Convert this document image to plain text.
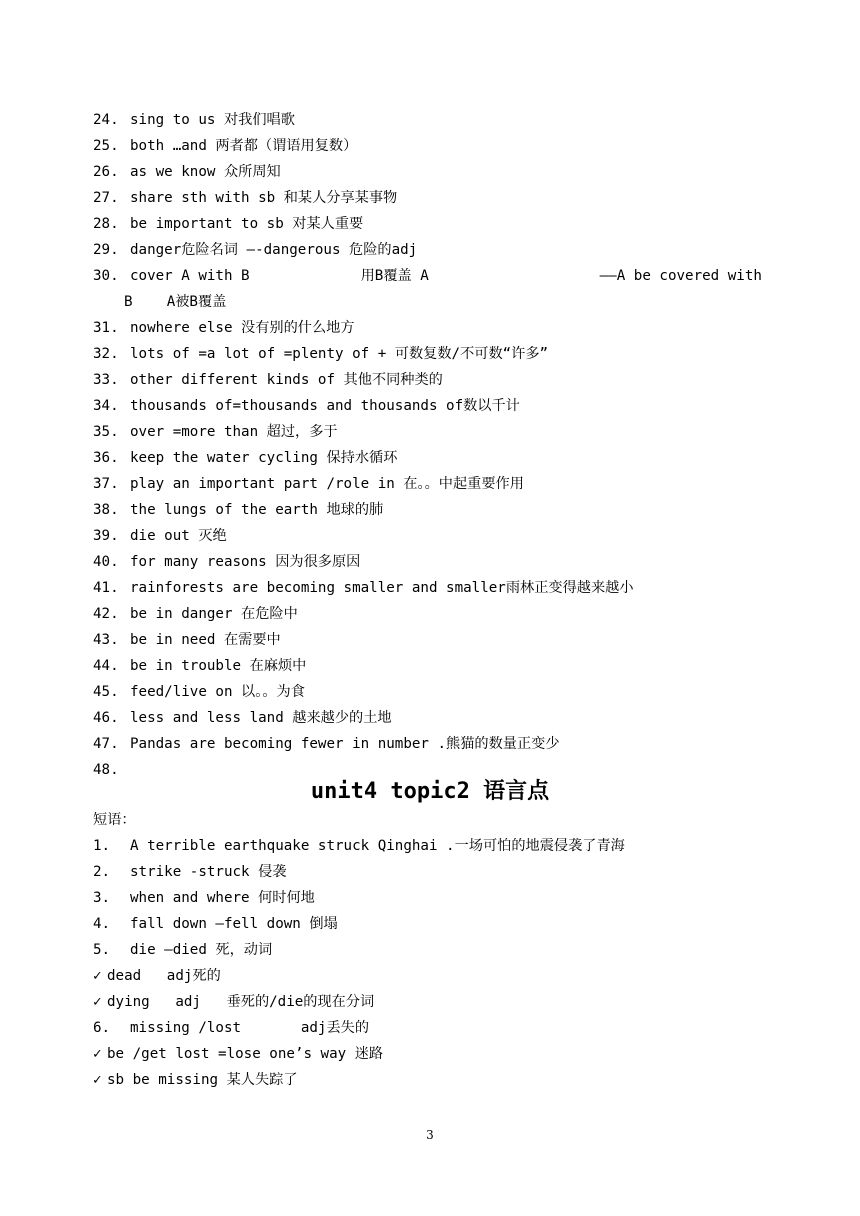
24. sing to us 对我们唱歌
25. both …and 两者都（谓语用复数）
26. as we know 众所周知
27. share sth with sb 和某人分享某事物
28. be important to sb 对某人重要
29. danger危险名词 —-dangerous 危险的adj
30. cover A with B             用B覆盖 A                    ——A be covered with
B    A被B覆盖
31. nowhere else 没有别的什么地方
32. lots of =a lot of =plenty of + 可数复数/不可数“许多”
33. other different kinds of 其他不同种类的
34. thousands of=thousands and thousands of数以千计
35. over =more than 超过，多于
36. keep the water cycling 保持水循环
37. play an important part /role in 在。。中起重要作用
38. the lungs of the earth 地球的肺
39. die out 灭绝
40. for many reasons 因为很多原因
41. rainforests are becoming smaller and smaller雨林正变得越来越小
42. be in danger 在危险中
43. be in need 在需要中
44. be in trouble 在麻烦中
45. feed/live on 以。。为食
46. less and less land 越来越少的土地
47. Pandas are becoming fewer in number .熊猫的数量正变少
48.
unit4 topic2 语言点
短语：
1. A terrible earthquake struck Qinghai .一场可怕的地震侵袭了青海
2. strike -struck 侵袭
3. when and where 何时何地
4. fall down —fell down 倒塌
5. die —died 死，动词
✓ dead   adj死的
✓ dying   adj   垂死的/die的现在分词
6. missing /lost       adj丢失的
✓ be /get lost =lose one’s way 迷路
✓ sb be missing 某人失踪了
3
